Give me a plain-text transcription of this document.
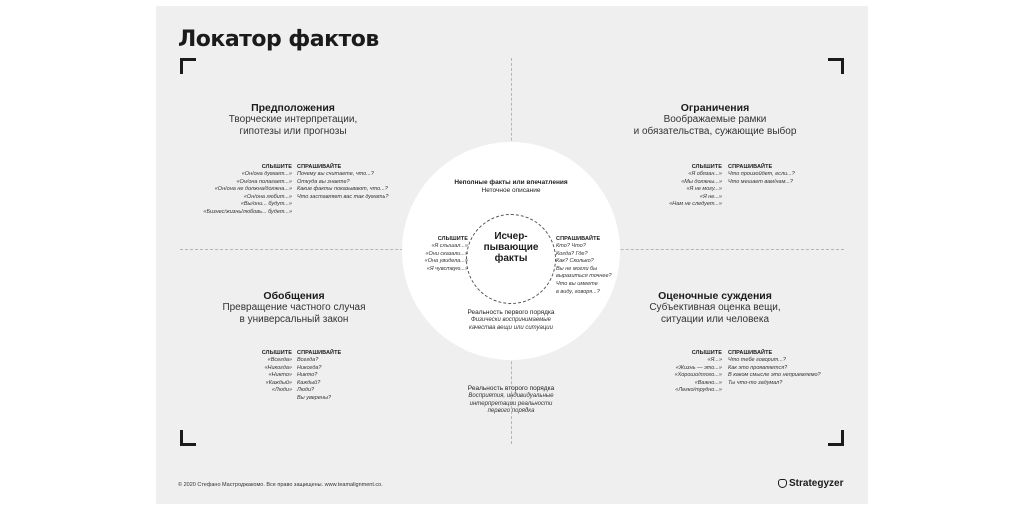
Локатор фактов
Предположения
Творческие интерпретации,
гипотезы или прогнозы
СЛЫШИТЕ СПРАШИВАЙТЕ
«Он/она думает...»
«Он/она полагает...»
«Он/она не должна/должна...»
«Он/она любит...»
«Вы/они... будут...»
«Бизнес/жизнь/любовь... будет...»
Почему вы считаете, что...?
Откуда вы знаете?
Какие факты показывают, что...?
Что заставляет вас так думать?
Ограничения
Воображаемые рамки
и обязательства, сужающие выбор
СЛЫШИТЕ СПРАШИВАЙТЕ
«Я обязан...»
«Мы должны...»
«Я не могу...»
«Я не...»
«Нам не следует...»
Что произойдет, если...?
Что мешает вам/нам...?
Обобщения
Превращение частного случая
в универсальный закон
СЛЫШИТЕ СПРАШИВАЙТЕ
«Всегда»
«Никогда»
«Никто»
«Каждый»
«Люди»
Всегда?
Никогда?
Никто?
Каждый?
Люди?
Вы уверены?
Оценочные суждения
Субъективная оценка вещи,
ситуации или человека
СЛЫШИТЕ СПРАШИВАЙТЕ
«Я...»
«Жизнь — это...»
«Хорошо/плохо...»
«Важно...»
«Легко/трудно...»
Что тебе говорит...?
Как это проявляется?
В каком смысле это неприемлемо?
Ты что-то задумал?
Неполные факты или впечатления
Неточное описание
Исчер-
пывающие
факты
СЛЫШИТЕ
«Я слышал...»
«Они сказали...»
«Она увидела...»
«Я чувствую...»
СПРАШИВАЙТЕ
Кто? Что?
Когда? Где?
Как? Сколько?
Вы не могли бы
выразиться точнее?
Что вы имеете
в виду, говоря...?
Реальность первого порядка
Физически воспринимаемые
качества вещи или ситуации
Реальность второго порядка
Восприятия, индивидуальные
интерпретации реальности
первого порядка
© 2020 Стефано Мастроджакомо. Все право защищены. www.teamalignment.co.	Strategyzer
